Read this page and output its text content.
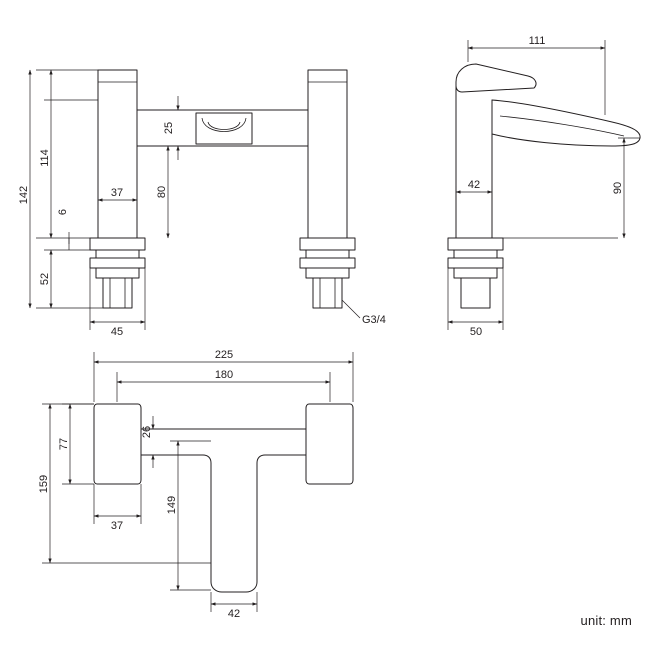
142
114
6
52
37
45
25
80
G3/4
111
42	90
50
225
180
77
159
26
149
37
42	unit: mm
